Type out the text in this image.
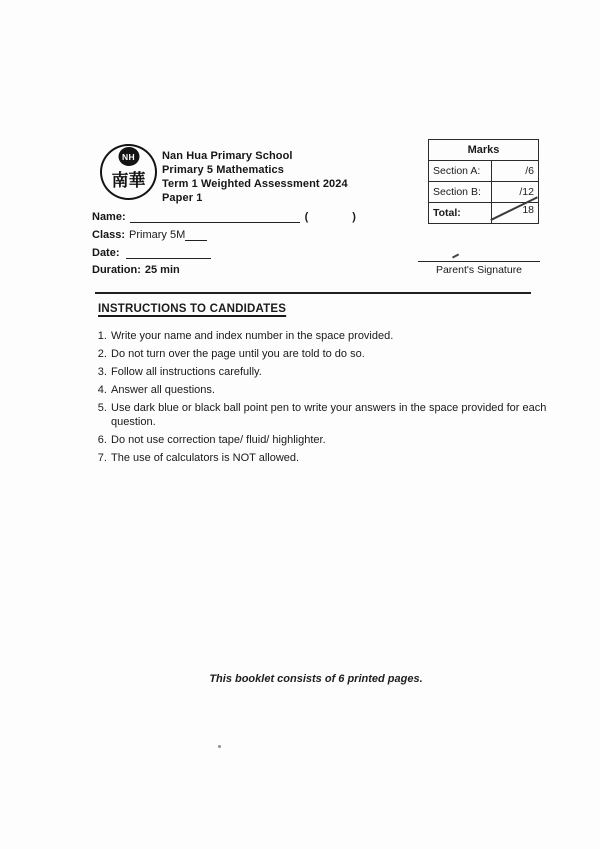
NH
南華
Nan Hua Primary School
Primary 5 Mathematics
Term 1 Weighted Assessment 2024
Paper 1
Marks	
Section A:	/6
Section B:	/12
Total:	18
Name:	(	)
Class: Primary 5M
Date:
Duration: 25 min	Parent's Signature
INSTRUCTIONS TO CANDIDATES
1. Write your name and index number in the space provided.
2. Do not turn over the page until you are told to do so.
3. Follow all instructions carefully.
4. Answer all questions.
5. Use dark blue or black ball point pen to write your answers in the space provided for each question.
6. Do not use correction tape/ fluid/ highlighter.
7. The use of calculators is NOT allowed.
This booklet consists of 6 printed pages.
